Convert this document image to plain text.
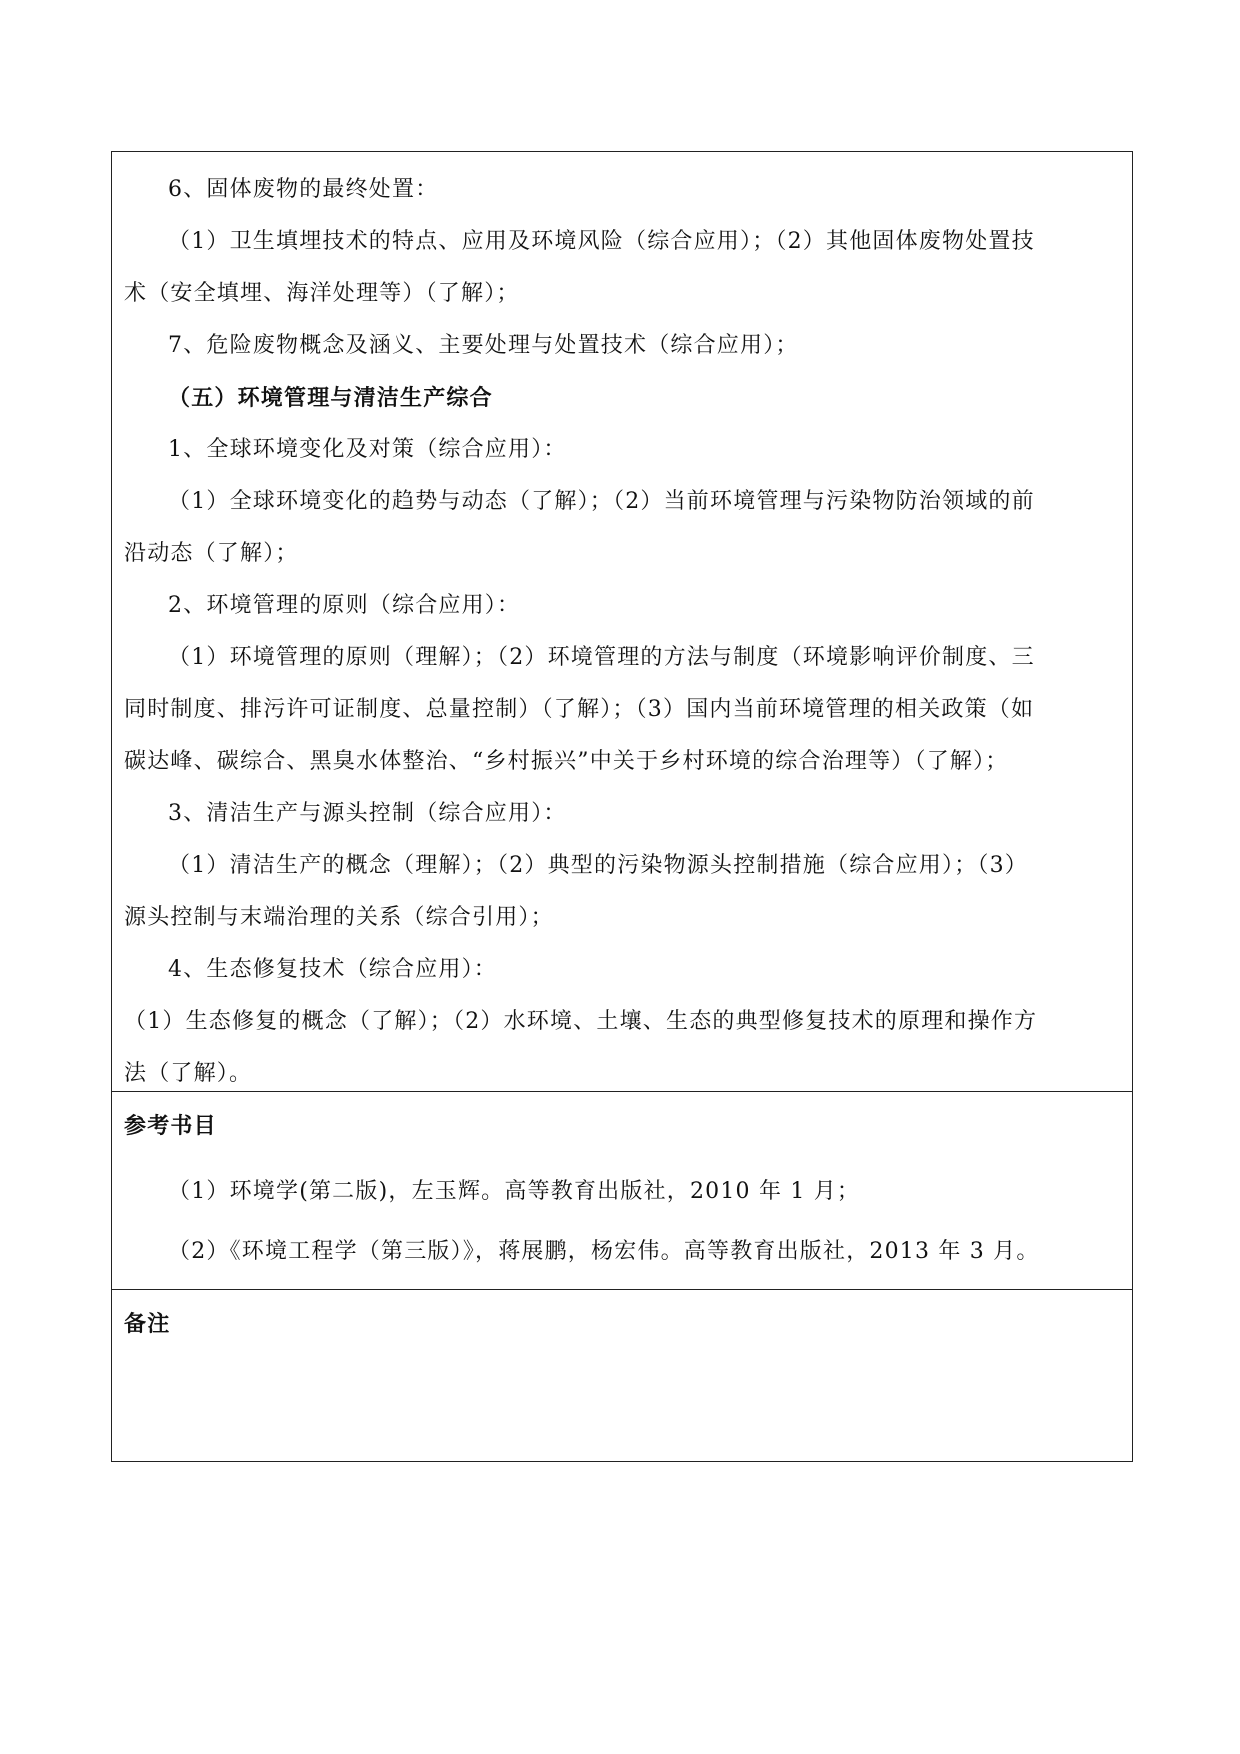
6、固体废物的最终处置：
（1）卫生填埋技术的特点、应用及环境风险（综合应用）；（2）其他固体废物处置技
术（安全填埋、海洋处理等）（了解）；
7、危险废物概念及涵义、主要处理与处置技术（综合应用）；
（五）环境管理与清洁生产综合
1、全球环境变化及对策（综合应用）：
（1）全球环境变化的趋势与动态（了解）；（2）当前环境管理与污染物防治领域的前
沿动态（了解）；
2、环境管理的原则（综合应用）：
（1）环境管理的原则（理解）；（2）环境管理的方法与制度（环境影响评价制度、三
同时制度、排污许可证制度、总量控制）（了解）；（3）国内当前环境管理的相关政策（如
碳达峰、碳综合、黑臭水体整治、“乡村振兴”中关于乡村环境的综合治理等）（了解）；
3、清洁生产与源头控制（综合应用）：
（1）清洁生产的概念（理解）；（2）典型的污染物源头控制措施（综合应用）；（3）
源头控制与末端治理的关系（综合引用）；
4、生态修复技术（综合应用）：
（1）生态修复的概念（了解）；（2）水环境、土壤、生态的典型修复技术的原理和操作方
法（了解）。
参考书目
（1）环境学(第二版)，左玉辉。高等教育出版社，2010 年 1 月；
（2）《环境工程学（第三版）》，蒋展鹏，杨宏伟。高等教育出版社，2013 年 3 月。
备注
